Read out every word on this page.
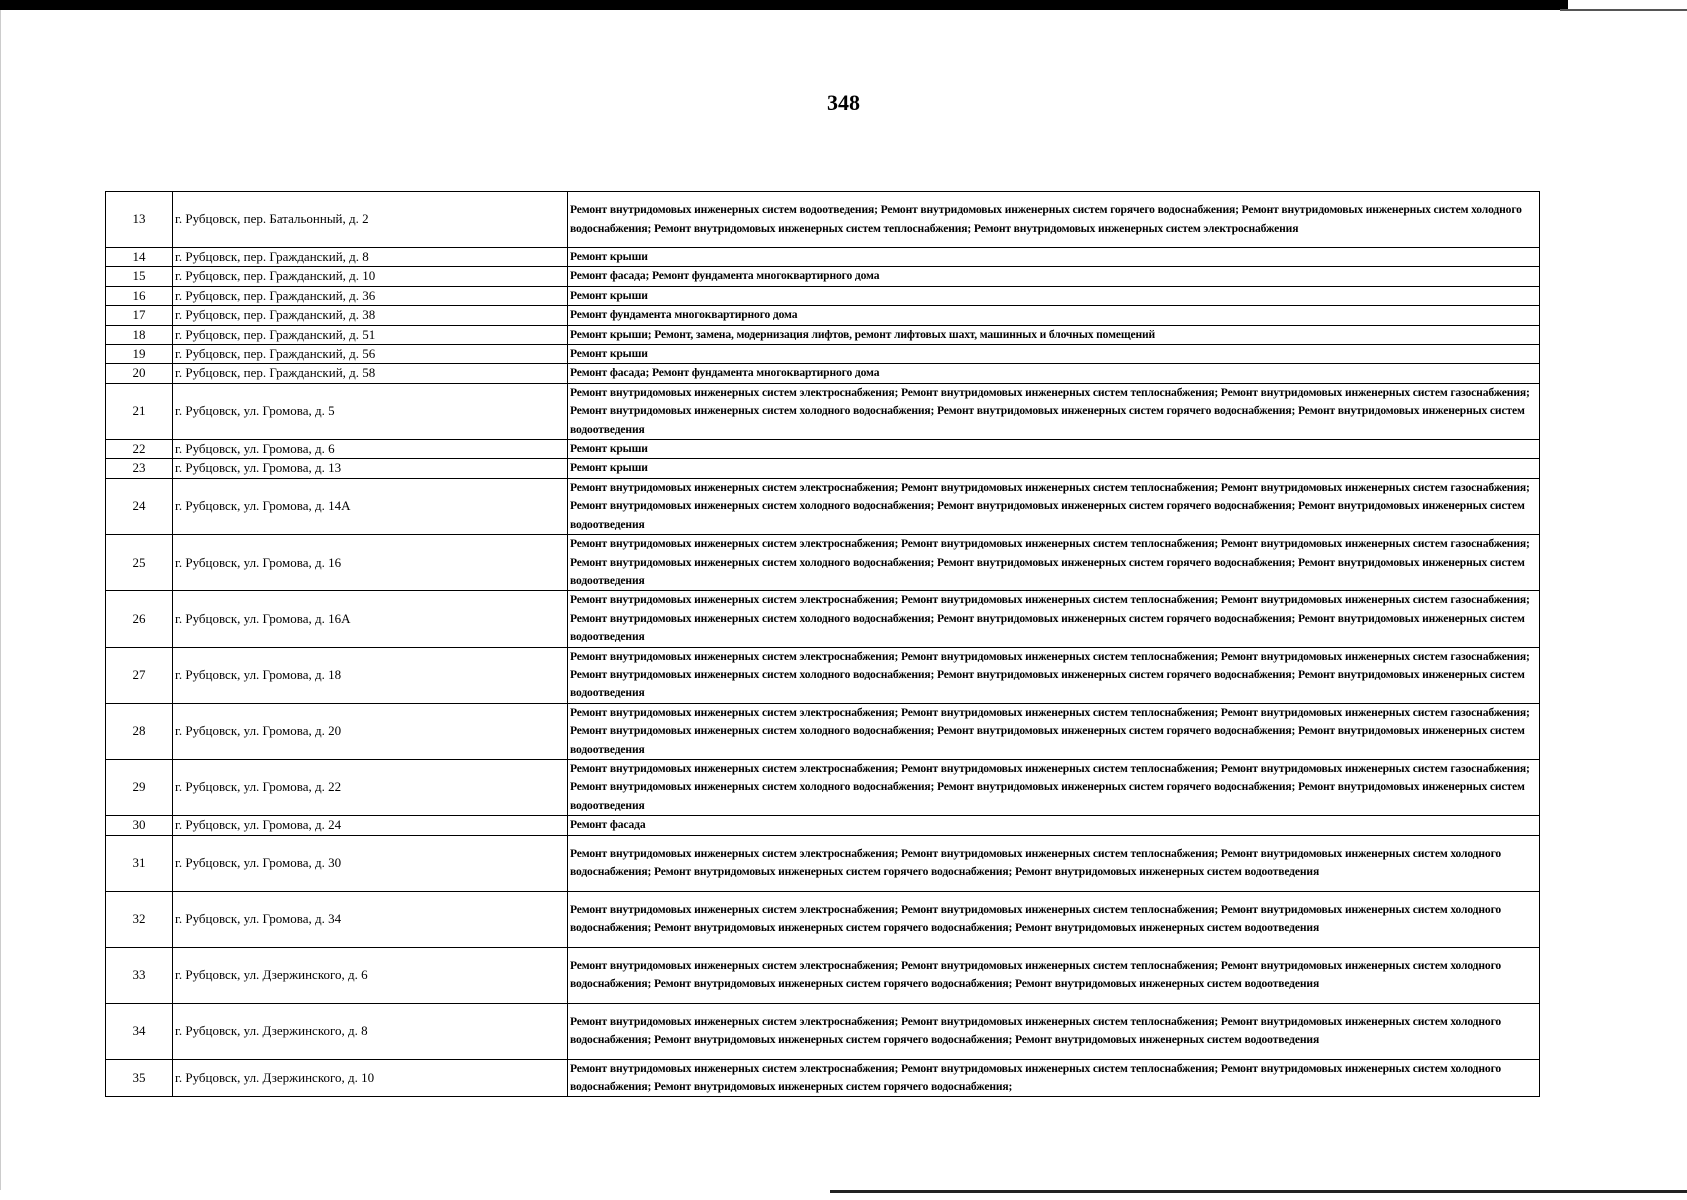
348
13	г. Рубцовск, пер. Батальонный, д. 2	Ремонт внутридомовых инженерных систем водоотведения; Ремонт внутридомовых инженерных систем горячего водоснабжения; Ремонт внутридомовых инженерных систем холодного водоснабжения; Ремонт внутридомовых инженерных систем теплоснабжения; Ремонт внутридомовых инженерных систем электроснабжения
14	г. Рубцовск, пер. Гражданский, д. 8	Ремонт крыши
15	г. Рубцовск, пер. Гражданский, д. 10	Ремонт фасада; Ремонт фундамента многоквартирного дома
16	г. Рубцовск, пер. Гражданский, д. 36	Ремонт крыши
17	г. Рубцовск, пер. Гражданский, д. 38	Ремонт фундамента многоквартирного дома
18	г. Рубцовск, пер. Гражданский, д. 51	Ремонт крыши; Ремонт, замена, модернизация лифтов, ремонт лифтовых шахт, машинных и блочных помещений
19	г. Рубцовск, пер. Гражданский, д. 56	Ремонт крыши
20	г. Рубцовск, пер. Гражданский, д. 58	Ремонт фасада; Ремонт фундамента многоквартирного дома
21	г. Рубцовск, ул. Громова, д. 5	Ремонт внутридомовых инженерных систем электроснабжения; Ремонт внутридомовых инженерных систем теплоснабжения; Ремонт внутридомовых инженерных систем газоснабжения; Ремонт внутридомовых инженерных систем холодного водоснабжения; Ремонт внутридомовых инженерных систем горячего водоснабжения; Ремонт внутридомовых инженерных систем водоотведения
22	г. Рубцовск, ул. Громова, д. 6	Ремонт крыши
23	г. Рубцовск, ул. Громова, д. 13	Ремонт крыши
24	г. Рубцовск, ул. Громова, д. 14А	Ремонт внутридомовых инженерных систем электроснабжения; Ремонт внутридомовых инженерных систем теплоснабжения; Ремонт внутридомовых инженерных систем газоснабжения; Ремонт внутридомовых инженерных систем холодного водоснабжения; Ремонт внутридомовых инженерных систем горячего водоснабжения; Ремонт внутридомовых инженерных систем водоотведения
25	г. Рубцовск, ул. Громова, д. 16	Ремонт внутридомовых инженерных систем электроснабжения; Ремонт внутридомовых инженерных систем теплоснабжения; Ремонт внутридомовых инженерных систем газоснабжения; Ремонт внутридомовых инженерных систем холодного водоснабжения; Ремонт внутридомовых инженерных систем горячего водоснабжения; Ремонт внутридомовых инженерных систем водоотведения
26	г. Рубцовск, ул. Громова, д. 16А	Ремонт внутридомовых инженерных систем электроснабжения; Ремонт внутридомовых инженерных систем теплоснабжения; Ремонт внутридомовых инженерных систем газоснабжения; Ремонт внутридомовых инженерных систем холодного водоснабжения; Ремонт внутридомовых инженерных систем горячего водоснабжения; Ремонт внутридомовых инженерных систем водоотведения
27	г. Рубцовск, ул. Громова, д. 18	Ремонт внутридомовых инженерных систем электроснабжения; Ремонт внутридомовых инженерных систем теплоснабжения; Ремонт внутридомовых инженерных систем газоснабжения; Ремонт внутридомовых инженерных систем холодного водоснабжения; Ремонт внутридомовых инженерных систем горячего водоснабжения; Ремонт внутридомовых инженерных систем водоотведения
28	г. Рубцовск, ул. Громова, д. 20	Ремонт внутридомовых инженерных систем электроснабжения; Ремонт внутридомовых инженерных систем теплоснабжения; Ремонт внутридомовых инженерных систем газоснабжения; Ремонт внутридомовых инженерных систем холодного водоснабжения; Ремонт внутридомовых инженерных систем горячего водоснабжения; Ремонт внутридомовых инженерных систем водоотведения
29	г. Рубцовск, ул. Громова, д. 22	Ремонт внутридомовых инженерных систем электроснабжения; Ремонт внутридомовых инженерных систем теплоснабжения; Ремонт внутридомовых инженерных систем газоснабжения; Ремонт внутридомовых инженерных систем холодного водоснабжения; Ремонт внутридомовых инженерных систем горячего водоснабжения; Ремонт внутридомовых инженерных систем водоотведения
30	г. Рубцовск, ул. Громова, д. 24	Ремонт фасада
31	г. Рубцовск, ул. Громова, д. 30	Ремонт внутридомовых инженерных систем электроснабжения; Ремонт внутридомовых инженерных систем теплоснабжения; Ремонт внутридомовых инженерных систем холодного водоснабжения; Ремонт внутридомовых инженерных систем горячего водоснабжения; Ремонт внутридомовых инженерных систем водоотведения
32	г. Рубцовск, ул. Громова, д. 34	Ремонт внутридомовых инженерных систем электроснабжения; Ремонт внутридомовых инженерных систем теплоснабжения; Ремонт внутридомовых инженерных систем холодного водоснабжения; Ремонт внутридомовых инженерных систем горячего водоснабжения; Ремонт внутридомовых инженерных систем водоотведения
33	г. Рубцовск, ул. Дзержинского, д. 6	Ремонт внутридомовых инженерных систем электроснабжения; Ремонт внутридомовых инженерных систем теплоснабжения; Ремонт внутридомовых инженерных систем холодного водоснабжения; Ремонт внутридомовых инженерных систем горячего водоснабжения; Ремонт внутридомовых инженерных систем водоотведения
34	г. Рубцовск, ул. Дзержинского, д. 8	Ремонт внутридомовых инженерных систем электроснабжения; Ремонт внутридомовых инженерных систем теплоснабжения; Ремонт внутридомовых инженерных систем холодного водоснабжения; Ремонт внутридомовых инженерных систем горячего водоснабжения; Ремонт внутридомовых инженерных систем водоотведения
35	г. Рубцовск, ул. Дзержинского, д. 10	Ремонт внутридомовых инженерных систем электроснабжения; Ремонт внутридомовых инженерных систем теплоснабжения; Ремонт внутридомовых инженерных систем холодного водоснабжения; Ремонт внутридомовых инженерных систем горячего водоснабжения;
